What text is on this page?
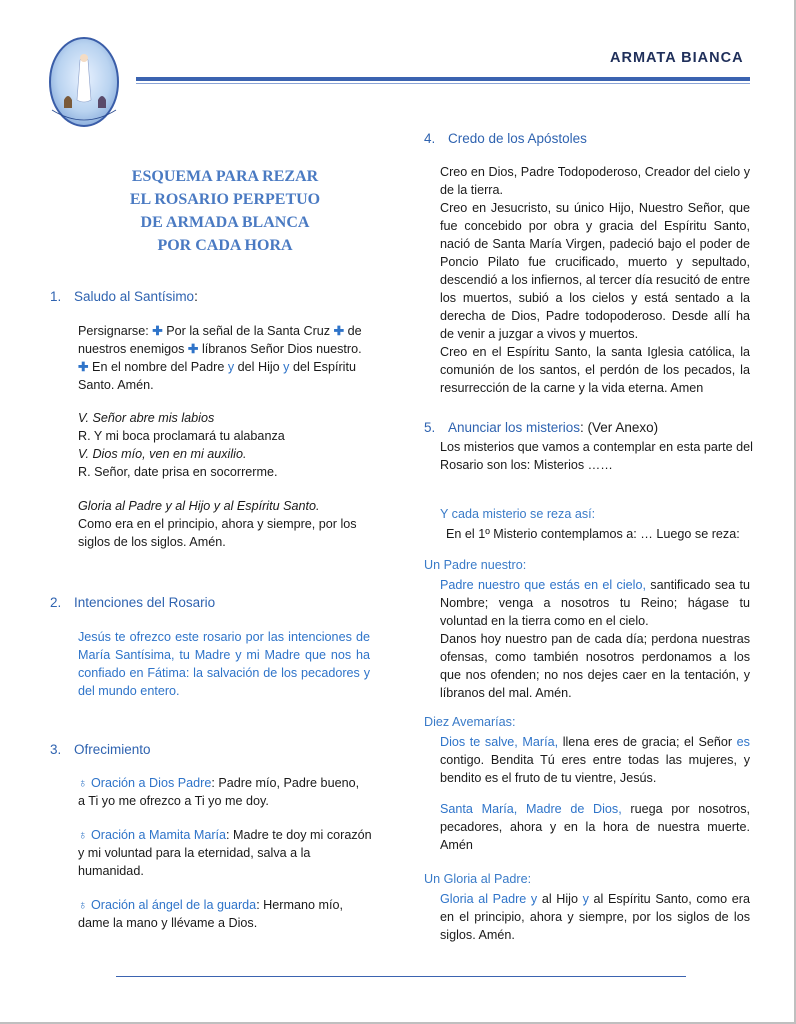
ARMATA BIANCA
ESQUEMA PARA REZAR
EL ROSARIO PERPETUO
DE ARMADA BLANCA
POR CADA HORA
1. Saludo al Santísimo:

Persignarse: ✚ Por la señal de la Santa Cruz ✚ de nuestros enemigos ✚ líbranos Señor Dios nuestro.
✚ En el nombre del Padre y del Hijo y del Espíritu Santo. Amén.

V. Señor abre mis labios

R. Y mi boca proclamará tu alabanza

V. Dios mío, ven en mi auxilio.

R. Señor, date prisa en socorrerme.

Gloria al Padre y al Hijo y al Espíritu Santo.

Como era en el principio, ahora y siempre, por los siglos de los siglos. Amén.

2. Intenciones del Rosario
Jesús te ofrezco este rosario por las intenciones de María Santísima, tu Madre y mi Madre que nos ha confiado en Fátima: la salvación de los pecadores y del mundo entero.
3. Ofrecimiento

♁ Oración a Dios Padre: Padre mío, Padre bueno, a Ti yo me ofrezco a Ti yo me doy.

♁ Oración a Mamita María: Madre te doy mi corazón y mi voluntad para la eternidad, salva a la humanidad.

♁ Oración al ángel de la guarda: Hermano mío, dame la mano y llévame a Dios.

4. Credo de los Apóstoles

Creo en Dios, Padre Todopoderoso, Creador del cielo y de la tierra.

Creo en Jesucristo, su único Hijo, Nuestro Señor, que fue concebido por obra y gracia del Espíritu Santo, nació de Santa María Virgen, padeció bajo el poder de Poncio Pilato fue crucificado, muerto y sepultado, descendió a los infiernos, al tercer día resucitó de entre los muertos, subió a los cielos y está sentado a la derecha de Dios, Padre todopoderoso. Desde allí ha de venir a juzgar a vivos y muertos.

Creo en el Espíritu Santo, la santa Iglesia católica, la comunión de los santos, el perdón de los pecados, la resurrección de la carne y la vida eterna. Amen

5. Anunciar los misterios: (Ver Anexo)
Los misterios que vamos a contemplar en esta parte del Rosario son los: Misterios ……
Y cada misterio se reza así:
En el 1º Misterio contemplamos a: … Luego se reza:
Un Padre nuestro:

Padre nuestro que estás en el cielo, santificado sea tu Nombre; venga a nosotros tu Reino; hágase tu voluntad en la tierra como en el cielo.

Danos hoy nuestro pan de cada día; perdona nuestras ofensas, como también nosotros perdonamos a los que nos ofenden; no nos dejes caer en la tentación, y líbranos del mal. Amén.

Diez Avemarías:

Dios te salve, María, llena eres de gracia; el Señor es contigo. Bendita Tú eres entre todas las mujeres, y bendito es el fruto de tu vientre, Jesús.

Santa María, Madre de Dios, ruega por nosotros, pecadores, ahora y en la hora de nuestra muerte. Amén

Un Gloria al Padre:

Gloria al Padre y al Hijo y al Espíritu Santo, como era en el principio, ahora y siempre, por los siglos de los siglos. Amén.
